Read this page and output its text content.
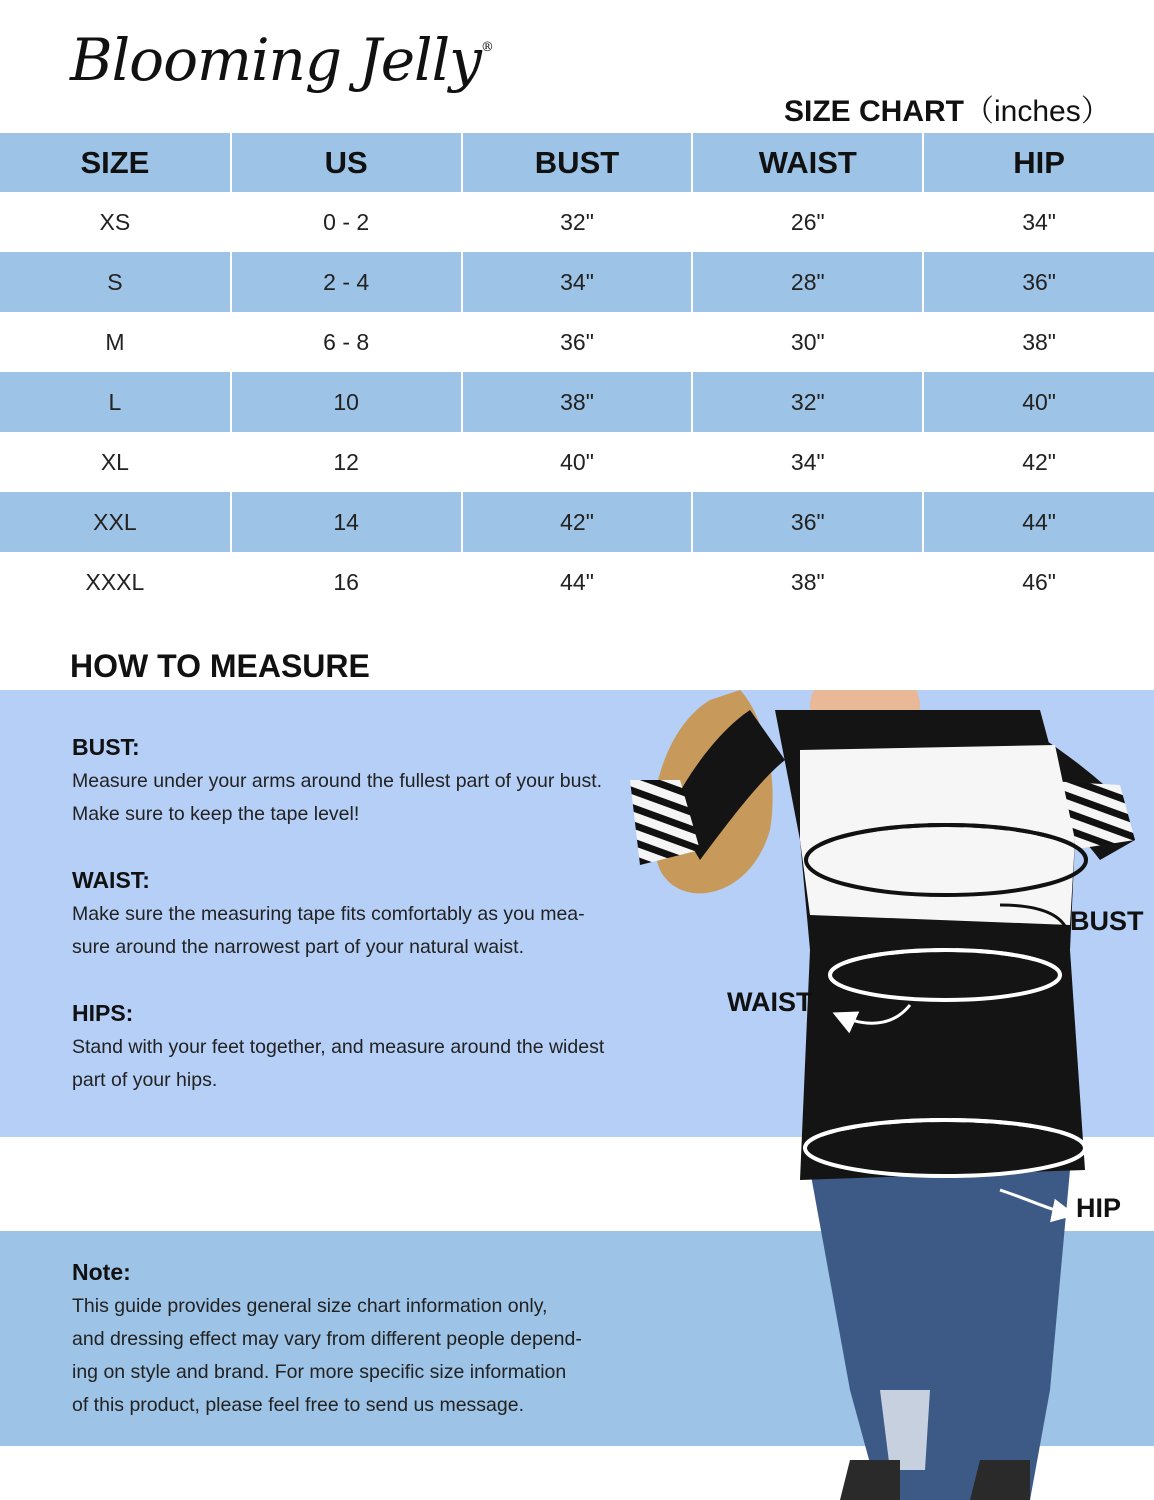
Blooming Jelly®
SIZE CHART（inches）
SIZE	US	BUST	WAIST	HIP
XS	0 - 2	32"	26"	34"
S	2 - 4	34"	28"	36"
M	6 - 8	36"	30"	38"
L	10	38"	32"	40"
XL	12	40"	34"	42"
XXL	14	42"	36"	44"
XXXL	16	44"	38"	46"
HOW TO MEASURE
BUST:
Measure under your arms around the fullest part of your bust.
Make sure to keep the tape level!
WAIST:
Make sure the measuring tape fits comfortably as you mea-
sure around the narrowest part of your natural waist.
HIPS:
Stand with your feet together, and measure around the widest
part of your hips.
Note:
This guide provides general size chart information only,
and dressing effect may vary from different people depend-
ing on style and brand. For more specific size information
of this product, please feel free to send us message.
BUST
WAIST
HIP
